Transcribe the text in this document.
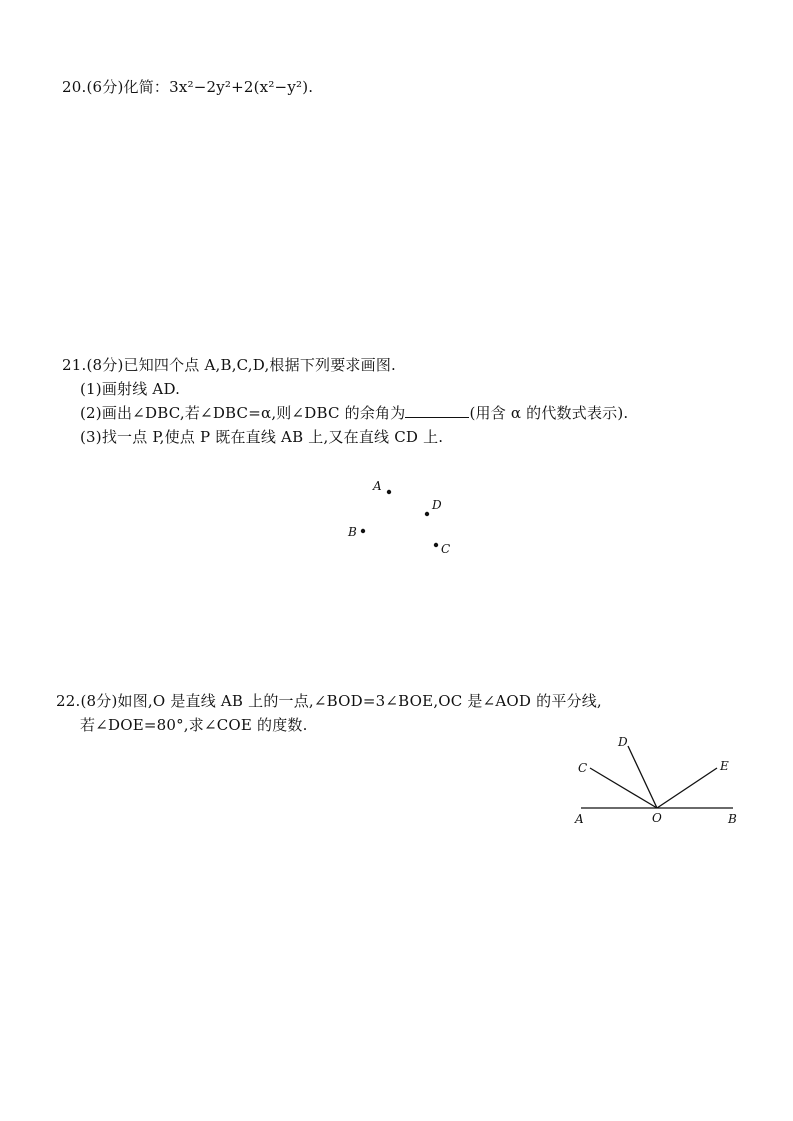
20.(6分)化简：3x²−2y²+2(x²−y²).
21.(8分)已知四个点 A,B,C,D,根据下列要求画图.
(1)画射线 AD.
(2)画出∠DBC,若∠DBC=α,则∠DBC 的余角为	(用含 α 的代数式表示).
(3)找一点 P,使点 P 既在直线 AB 上,又在直线 CD 上.
A
D
B
C
22.(8分)如图,O 是直线 AB 上的一点,∠BOD=3∠BOE,OC 是∠AOD 的平分线,
若∠DOE=80°,求∠COE 的度数.
A	O	B
C
D
E
